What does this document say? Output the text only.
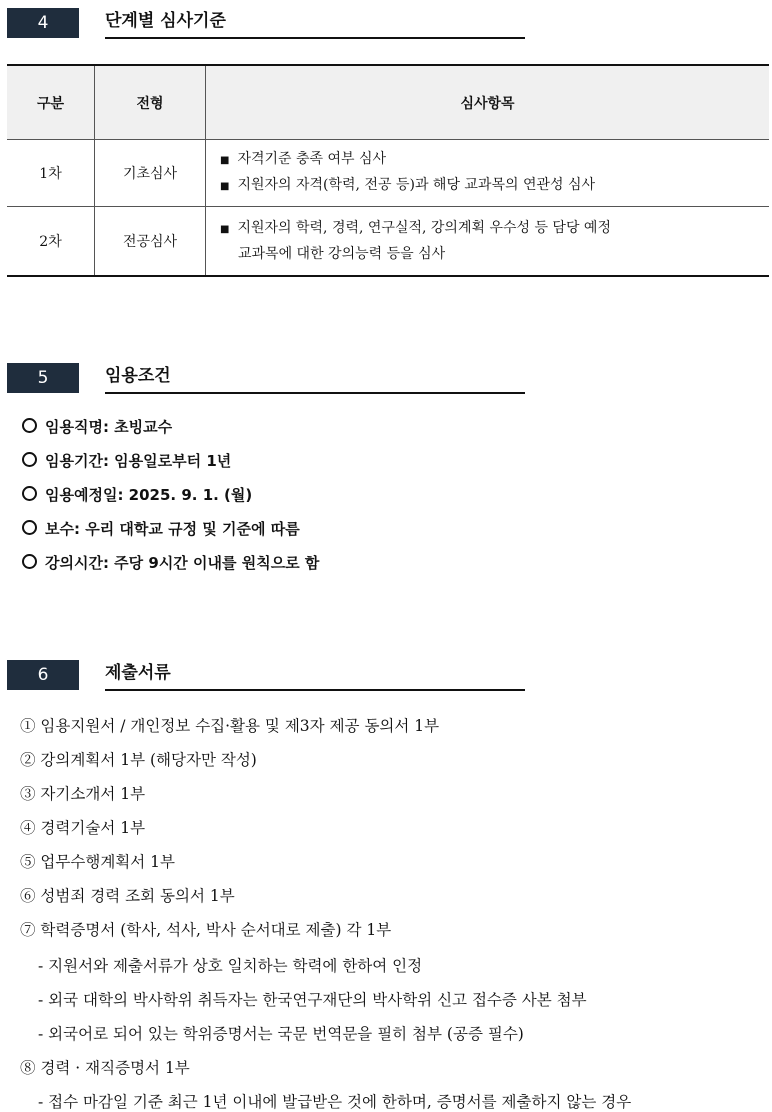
4	단계별 심사기준
구분	전형	심사항목
1차	기초심사	■ 자격기준 충족 여부 심사
■ 지원자의 자격(학력, 전공 등)과 해당 교과목의 연관성 심사

2차	전공심사	■ 지원자의 학력, 경력, 연구실적, 강의계획 우수성 등 담당 예정
교과목에 대한 강의능력 등을 심사
5	임용조건
임용직명: 초빙교수
임용기간: 임용일로부터 1년
임용예정일: 2025. 9. 1. (월)
보수: 우리 대학교 규정 및 기준에 따름
강의시간: 주당 9시간 이내를 원칙으로 함
6	제출서류
① 임용지원서 / 개인정보 수집·활용 및 제3자 제공 동의서 1부
② 강의계획서 1부 (해당자만 작성)
③ 자기소개서 1부
④ 경력기술서 1부
⑤ 업무수행계획서 1부
⑥ 성범죄 경력 조회 동의서 1부
⑦ 학력증명서 (학사, 석사, 박사 순서대로 제출) 각 1부
- 지원서와 제출서류가 상호 일치하는 학력에 한하여 인정
- 외국 대학의 박사학위 취득자는 한국연구재단의 박사학위 신고 접수증 사본 첨부
- 외국어로 되어 있는 학위증명서는 국문 번역문을 필히 첨부 (공증 필수)
⑧ 경력 · 재직증명서 1부
- 접수 마감일 기준 최근 1년 이내에 발급받은 것에 한하며, 증명서를 제출하지 않는 경우
